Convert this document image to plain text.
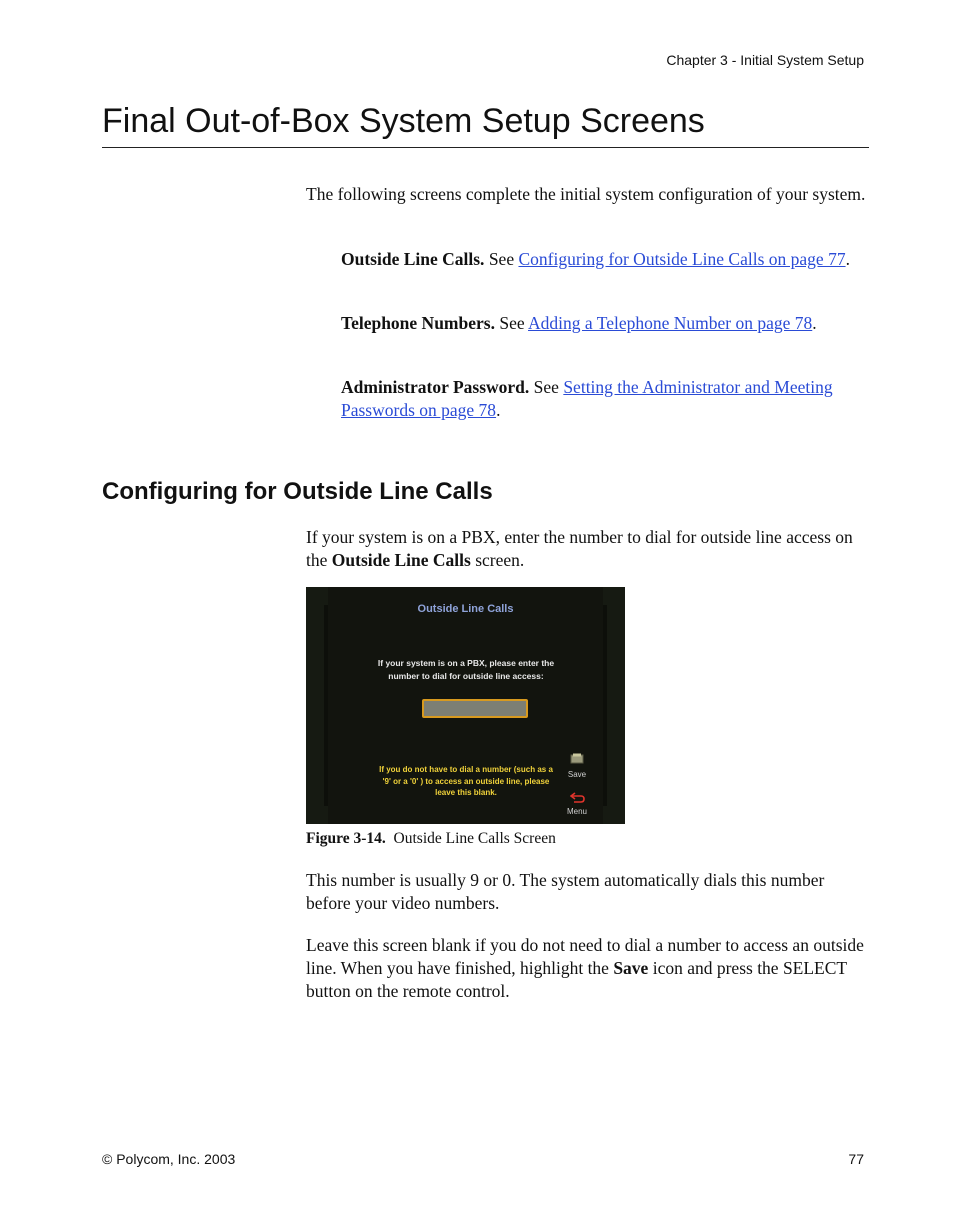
Chapter 3 - Initial System Setup
Final Out-of-Box System Setup Screens

The following screens complete the initial system configuration of your system.

Outside Line Calls. See Configuring for Outside Line Calls on page 77.
Telephone Numbers. See Adding a Telephone Number on page 78.
Administrator Password. See Setting the Administrator and Meeting Passwords on page 78.
Configuring for Outside Line Calls

If your system is on a PBX, enter the number to dial for outside line access on the Outside Line Calls screen.

Outside Line Calls
If your system is on a PBX, please enter the number to dial for outside line access:
If you do not have to dial a number (such as a '9' or a '0' ) to access an outside line, please leave this blank.
Save
Menu
Figure 3-14.  Outside Line Calls Screen

This number is usually 9 or 0. The system automatically dials this number before your video numbers.

Leave this screen blank if you do not need to dial a number to access an outside line. When you have finished, highlight the Save icon and press the SELECT button on the remote control.

© Polycom, Inc. 2003	77
